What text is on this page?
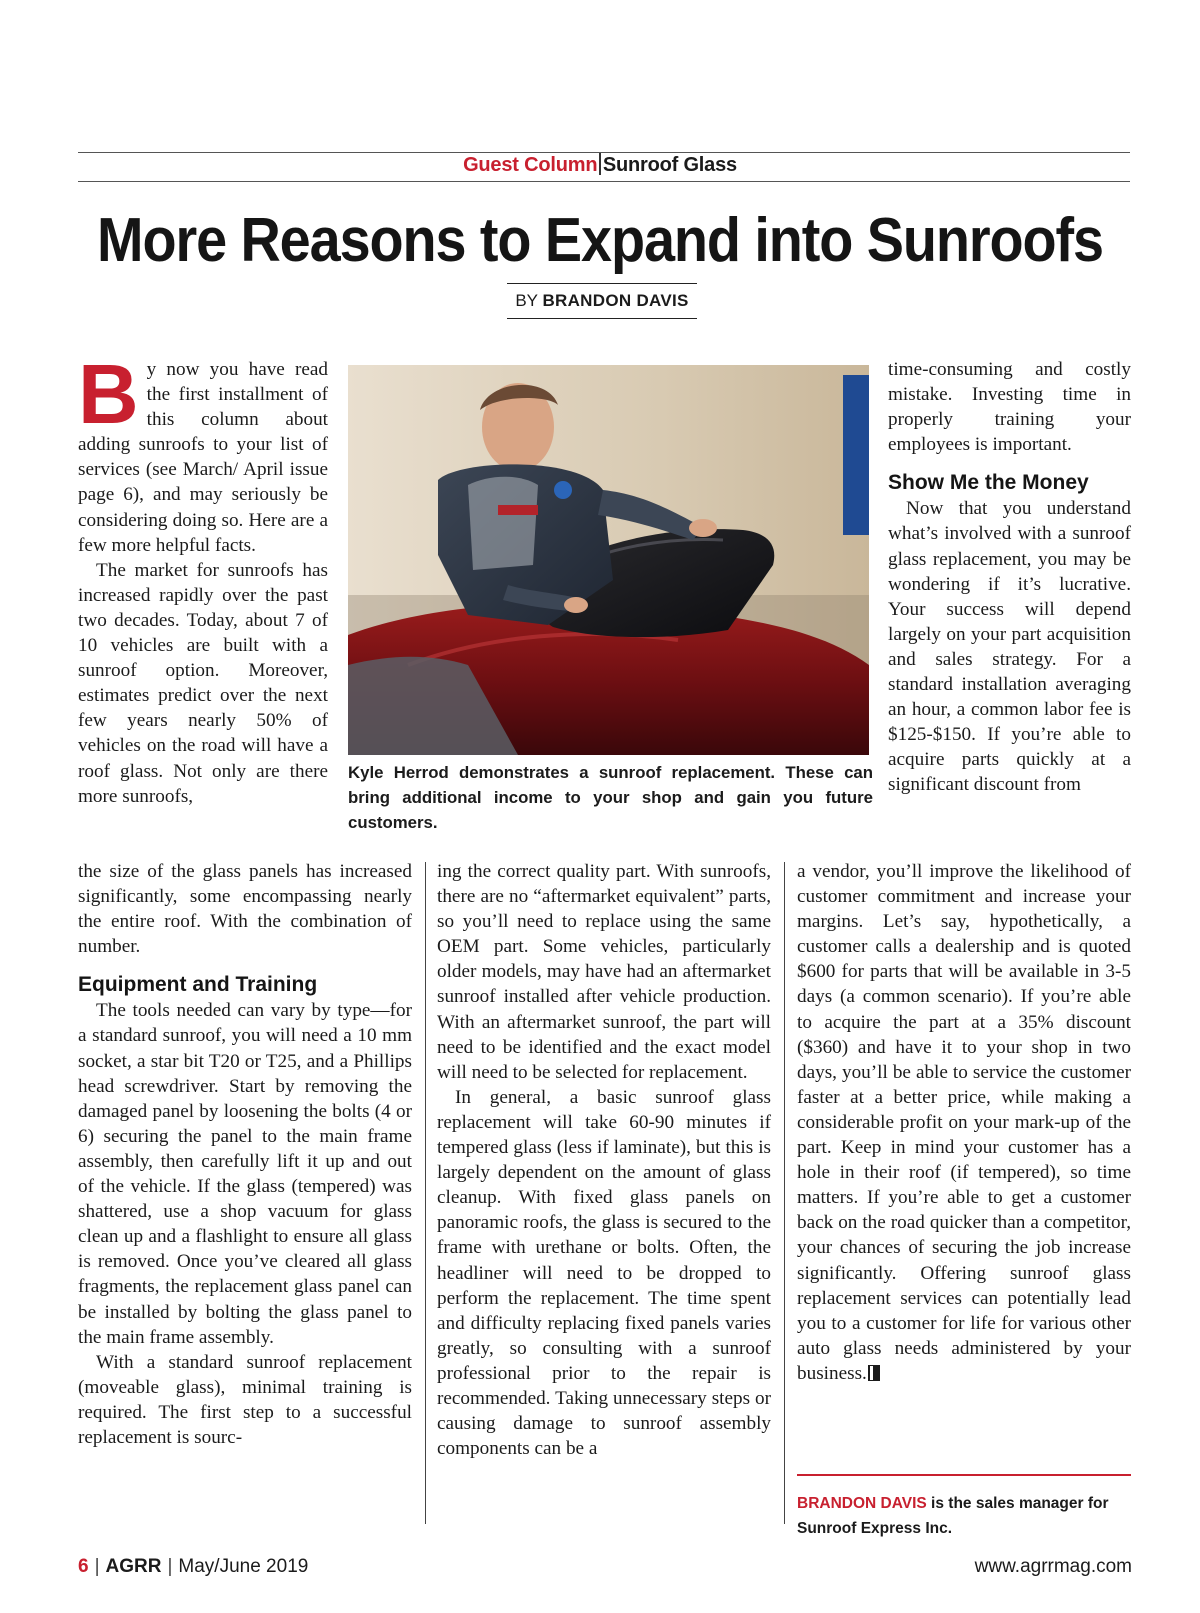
Guest Column Sunroof Glass
More Reasons to Expand into Sunroofs
BY BRANDON DAVIS

By now you have read the first installment of this column about adding sunroofs to your list of services (see March/ April issue page 6), and may seriously be considering doing so. Here are a few more helpful facts.

The market for sunroofs has increased rapidly over the past two decades. Today, about 7 of 10 vehicles are built with a sunroof option. Moreover, estimates predict over the next few years nearly 50% of vehicles on the road will have a roof glass. Not only are there more sunroofs,

Kyle Herrod demonstrates a sunroof replacement. These can bring additional income to your shop and gain you future customers.

time-consuming and costly mistake. Investing time in properly training your employees is important.

Show Me the Money

Now that you understand what’s involved with a sunroof glass replacement, you may be wondering if it’s lucrative. Your success will depend largely on your part acquisition and sales strategy. For a standard installation averaging an hour, a common labor fee is $125-$150. If you’re able to acquire parts quickly at a significant discount from

the size of the glass panels has increased significantly, some encompassing nearly the entire roof. With the combination of number.

Equipment and Training

The tools needed can vary by type—for a standard sunroof, you will need a 10 mm socket, a star bit T20 or T25, and a Phillips head screwdriver. Start by removing the damaged panel by loosening the bolts (4 or 6) securing the panel to the main frame assembly, then carefully lift it up and out of the vehicle. If the glass (tempered) was shattered, use a shop vacuum for glass clean up and a flashlight to ensure all glass is removed. Once you’ve cleared all glass fragments, the replacement glass panel can be installed by bolting the glass panel to the main frame assembly.

With a standard sunroof replacement (moveable glass), minimal training is required. The first step to a successful replacement is sourc-

ing the correct quality part. With sunroofs, there are no “aftermarket equivalent” parts, so you’ll need to replace using the same OEM part. Some vehicles, particularly older models, may have had an aftermarket sunroof installed after vehicle production. With an aftermarket sunroof, the part will need to be identified and the exact model will need to be selected for replacement.

In general, a basic sunroof glass replacement will take 60-90 minutes if tempered glass (less if laminate), but this is largely dependent on the amount of glass cleanup. With fixed glass panels on panoramic roofs, the glass is secured to the frame with urethane or bolts. Often, the headliner will need to be dropped to perform the replacement. The time spent and difficulty replacing fixed panels varies greatly, so consulting with a sunroof professional prior to the repair is recommended. Taking unnecessary steps or causing damage to sunroof assembly components can be a

a vendor, you’ll improve the likelihood of customer commitment and increase your margins. Let’s say, hypothetically, a customer calls a dealership and is quoted $600 for parts that will be available in 3-5 days (a common scenario). If you’re able to acquire the part at a 35% discount ($360) and have it to your shop in two days, you’ll be able to service the customer faster at a better price, while making a considerable profit on your mark-up of the part. Keep in mind your customer has a hole in their roof (if tempered), so time matters. If you’re able to get a customer back on the road quicker than a competitor, your chances of securing the job increase significantly. Offering sunroof glass replacement services can potentially lead you to a customer for life for various other auto glass needs administered by your business.

BRANDON DAVIS is the sales manager for Sunroof Express Inc.
6 | AGRR | May/June 2019	www.agrrmag.com
